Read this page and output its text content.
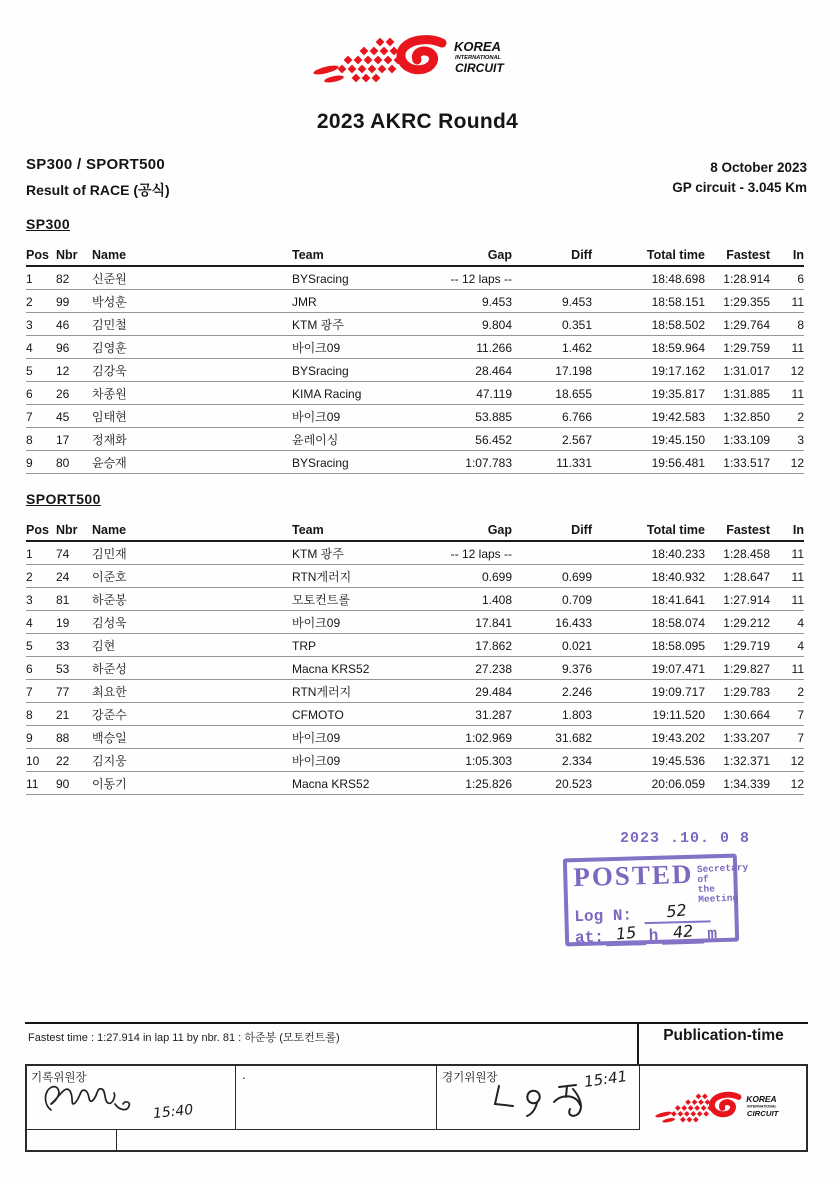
KOREA
INTERNATIONAL
CIRCUIT
2023 AKRC Round4
SP300 / SPORT500
Result of RACE (공식)
8 October 2023
GP circuit - 3.045 Km
SP300
Pos	Nbr	Name	Team	Gap	Diff	Total time	Fastest	In
1	82	신준원	BYSracing	-- 12 laps --		18:48.698	1:28.914	6
2	99	박성훈	JMR	9.453	9.453	18:58.151	1:29.355	11
3	46	김민철	KTM 광주	9.804	0.351	18:58.502	1:29.764	8
4	96	김영훈	바이크09	11.266	1.462	18:59.964	1:29.759	11
5	12	김강욱	BYSracing	28.464	17.198	19:17.162	1:31.017	12
6	26	차종원	KIMA Racing	47.119	18.655	19:35.817	1:31.885	11
7	45	임태현	바이크09	53.885	6.766	19:42.583	1:32.850	2
8	17	정재화	윤레이싱	56.452	2.567	19:45.150	1:33.109	3
9	80	윤승재	BYSracing	1:07.783	11.331	19:56.481	1:33.517	12
SPORT500
Pos	Nbr	Name	Team	Gap	Diff	Total time	Fastest	In
1	74	김민재	KTM 광주	-- 12 laps --		18:40.233	1:28.458	11
2	24	이준호	RTN게러지	0.699	0.699	18:40.932	1:28.647	11
3	81	하준봉	모토컨트롤	1.408	0.709	18:41.641	1:27.914	11
4	19	김성욱	바이크09	17.841	16.433	18:58.074	1:29.212	4
5	33	김현	TRP	17.862	0.021	18:58.095	1:29.719	4
6	53	하준성	Macna KRS52	27.238	9.376	19:07.471	1:29.827	11
7	77	최요한	RTN게러지	29.484	2.246	19:09.717	1:29.783	2
8	21	강준수	CFMOTO	31.287	1.803	19:11.520	1:30.664	7
9	88	백승일	바이크09	1:02.969	31.682	19:43.202	1:33.207	7
10	22	김지웅	바이크09	1:05.303	2.334	19:45.536	1:32.371	12
11	90	이동기	Macna KRS52	1:25.826	20.523	20:06.059	1:34.339	12
2023 .10. 0 8
POSTED Secretary of
the Meeting
Log N:	52
at: 15 h 42 m
Fastest time : 1:27.914 in lap 11 by nbr. 81 : 하준봉 (모토컨트롤)	Publication-time
기록위원장
15:40
.	경기위원장	15:41
KOREA
INTERNATIONAL
CIRCUIT
